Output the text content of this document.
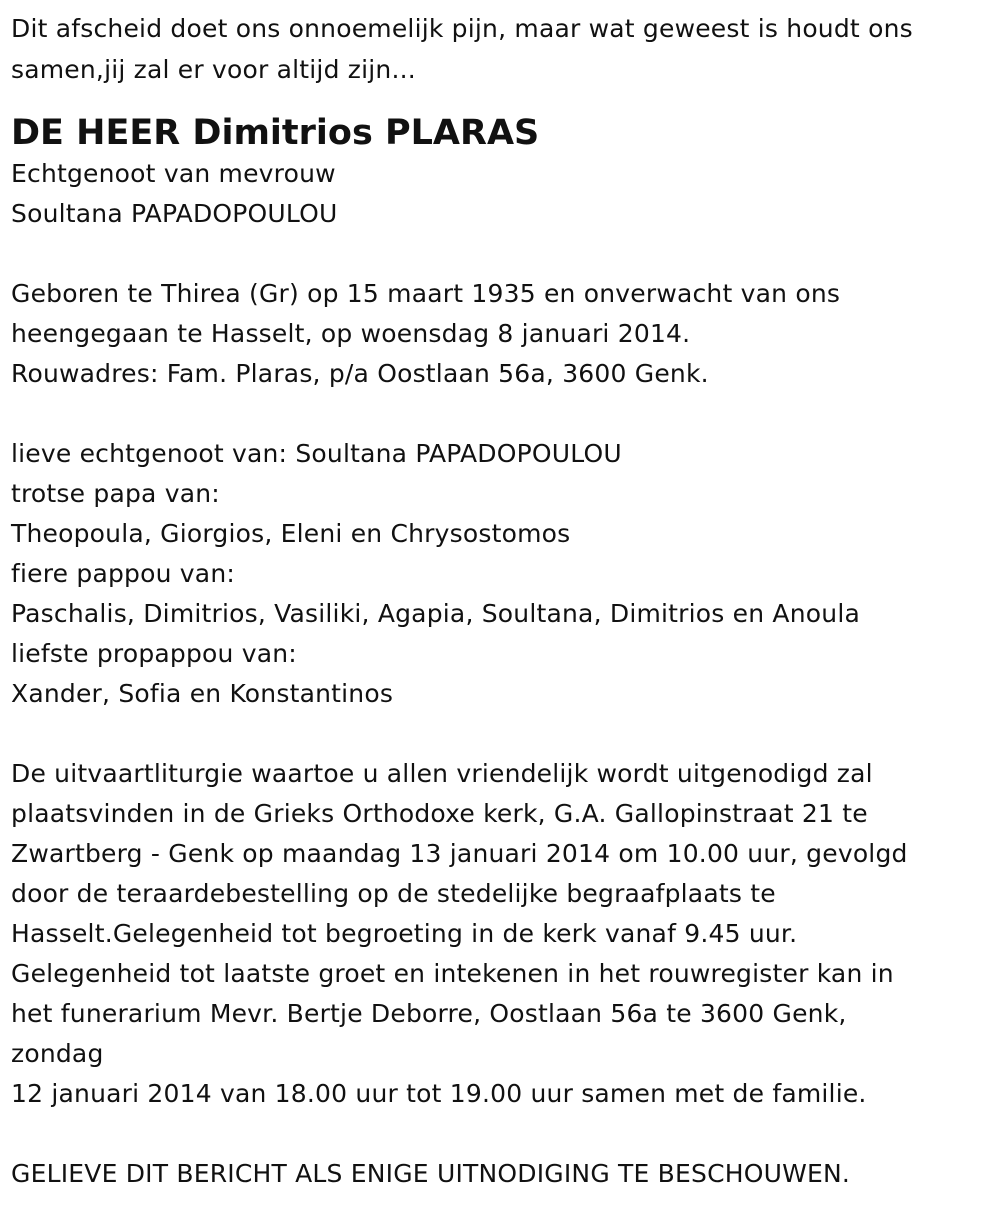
Dit afscheid doet ons onnoemelijk pijn, maar wat geweest is houdt ons
samen,jij zal er voor altijd zijn...
DE HEER Dimitrios PLARAS
Echtgenoot van mevrouw
Soultana PAPADOPOULOU
Geboren te Thirea (Gr) op 15 maart 1935 en onverwacht van ons
heengegaan te Hasselt, op woensdag 8 januari 2014.
Rouwadres: Fam. Plaras, p/a Oostlaan 56a, 3600 Genk.
lieve echtgenoot van: Soultana PAPADOPOULOU
trotse papa van:
Theopoula, Giorgios, Eleni en Chrysostomos
fiere pappou van:
Paschalis, Dimitrios, Vasiliki, Agapia, Soultana, Dimitrios en Anoula
liefste propappou van:
Xander, Sofia en Konstantinos
De uitvaartliturgie waartoe u allen vriendelijk wordt uitgenodigd zal
plaatsvinden in de Grieks Orthodoxe kerk, G.A. Gallopinstraat 21 te
Zwartberg - Genk op maandag 13 januari 2014 om 10.00 uur, gevolgd
door de teraardebestelling op de stedelijke begraafplaats te
Hasselt.Gelegenheid tot begroeting in de kerk vanaf 9.45 uur.
Gelegenheid tot laatste groet en intekenen in het rouwregister kan in
het funerarium Mevr. Bertje Deborre, Oostlaan 56a te 3600 Genk,
zondag
12 januari 2014 van 18.00 uur tot 19.00 uur samen met de familie.
GELIEVE DIT BERICHT ALS ENIGE UITNODIGING TE BESCHOUWEN.
